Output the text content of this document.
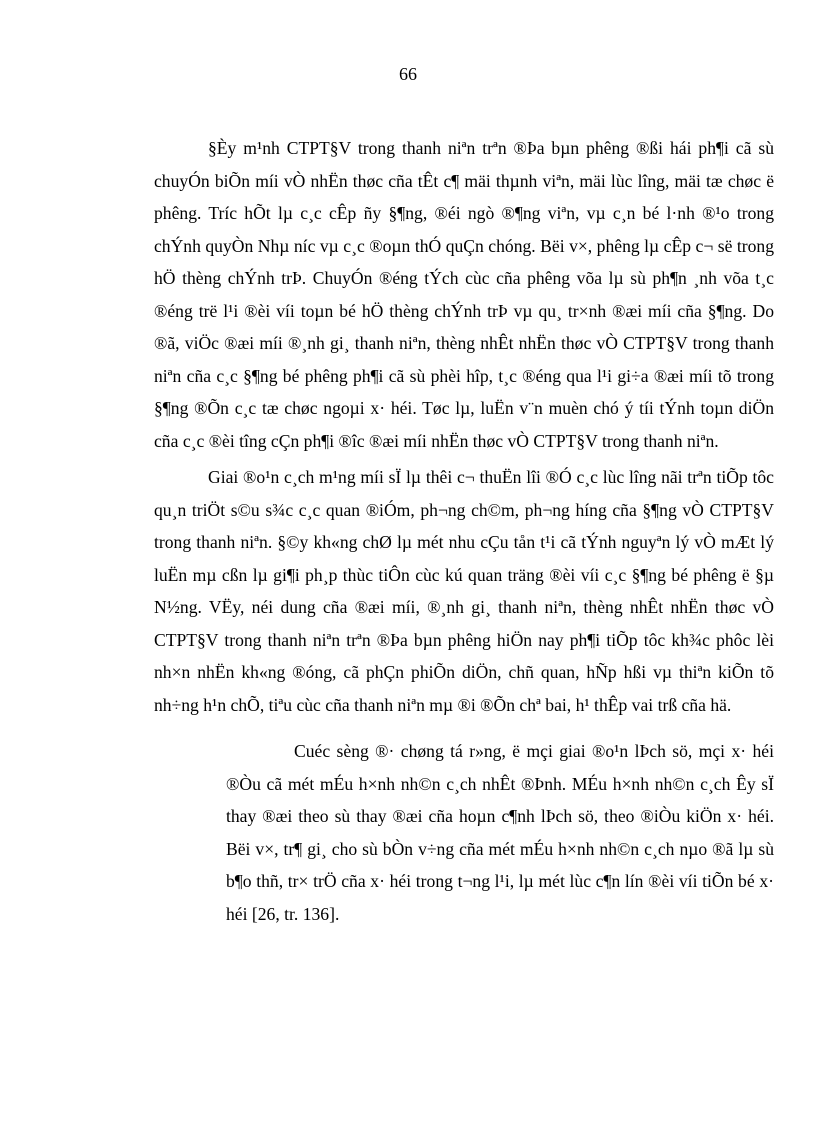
66

§Èy m¹nh CTPT§V trong thanh niªn trªn ®Þa bµn phêng ®ßi hái ph¶i cã sù chuyÓn biÕn míi vÒ nhËn thøc cña tÊt c¶ mäi thµnh viªn, mäi lùc lîng, mäi tæ chøc ë phêng. Tríc hÕt lµ c¸c cÊp ñy §¶ng, ®éi ngò ®¶ng viªn, vµ c¸n bé l·nh ®¹o trong chÝnh quyÒn Nhµ níc vµ c¸c ®oµn thÓ quÇn chóng. Bëi v×, phêng lµ cÊp c¬ së trong hÖ thèng chÝnh trÞ. ChuyÓn ®éng tÝch cùc cña phêng võa lµ sù ph¶n ¸nh võa t¸c ®éng trë l¹i ®èi víi toµn bé hÖ thèng chÝnh trÞ vµ qu¸ tr×nh ®æi míi cña §¶ng. Do ®ã, viÖc ®æi míi ®¸nh gi¸ thanh niªn, thèng nhÊt nhËn thøc vÒ CTPT§V trong thanh niªn cña c¸c §¶ng bé phêng ph¶i cã sù phèi hîp, t¸c ®éng qua l¹i gi÷a ®æi míi tõ trong §¶ng ®Õn c¸c tæ chøc ngoµi x· héi. Tøc lµ, luËn v¨n muèn chó ý tíi tÝnh toµn diÖn cña c¸c ®èi tîng cÇn ph¶i ®îc ®æi míi nhËn thøc vÒ CTPT§V trong thanh niªn.

Giai ®o¹n c¸ch m¹ng míi sÏ lµ thêi c¬ thuËn lîi ®Ó c¸c lùc lîng nãi trªn tiÕp tôc qu¸n triÖt s©u s¾c c¸c quan ®iÓm, ph¬ng ch©m, ph¬ng híng cña §¶ng vÒ CTPT§V trong thanh niªn. §©y kh«ng chØ lµ mét nhu cÇu tån t¹i cã tÝnh nguyªn lý vÒ mÆt lý luËn mµ cßn lµ gi¶i ph¸p thùc tiÔn cùc kú quan träng ®èi víi c¸c §¶ng bé phêng ë §µ N½ng. VËy, néi dung cña ®æi míi, ®¸nh gi¸ thanh niªn, thèng nhÊt nhËn thøc vÒ CTPT§V trong thanh niªn trªn ®Þa bµn phêng hiÖn nay ph¶i tiÕp tôc kh¾c phôc lèi nh×n nhËn kh«ng ®óng, cã phÇn phiÕn diÖn, chñ quan, hÑp hßi vµ thiªn kiÕn tõ nh÷ng h¹n chÕ, tiªu cùc cña thanh niªn mµ ®i ®Õn chª bai, h¹ thÊp vai trß cña hä.

Cuéc sèng ®· chøng tá r»ng, ë mçi giai ®o¹n lÞch sö, mçi x· héi ®Òu cã mét mÉu h×nh nh©n c¸ch nhÊt ®Þnh. MÉu h×nh nh©n c¸ch Êy sÏ thay ®æi theo sù thay ®æi cña hoµn c¶nh lÞch sö, theo ®iÒu kiÖn x· héi. Bëi v×, tr¶ gi¸ cho sù bÒn v÷ng cña mét mÉu h×nh nh©n c¸ch nµo ®ã lµ sù b¶o thñ, tr× trÖ cña x· héi trong t¬ng l¹i, lµ mét lùc c¶n lín ®èi víi tiÕn bé x· héi [26, tr. 136].
